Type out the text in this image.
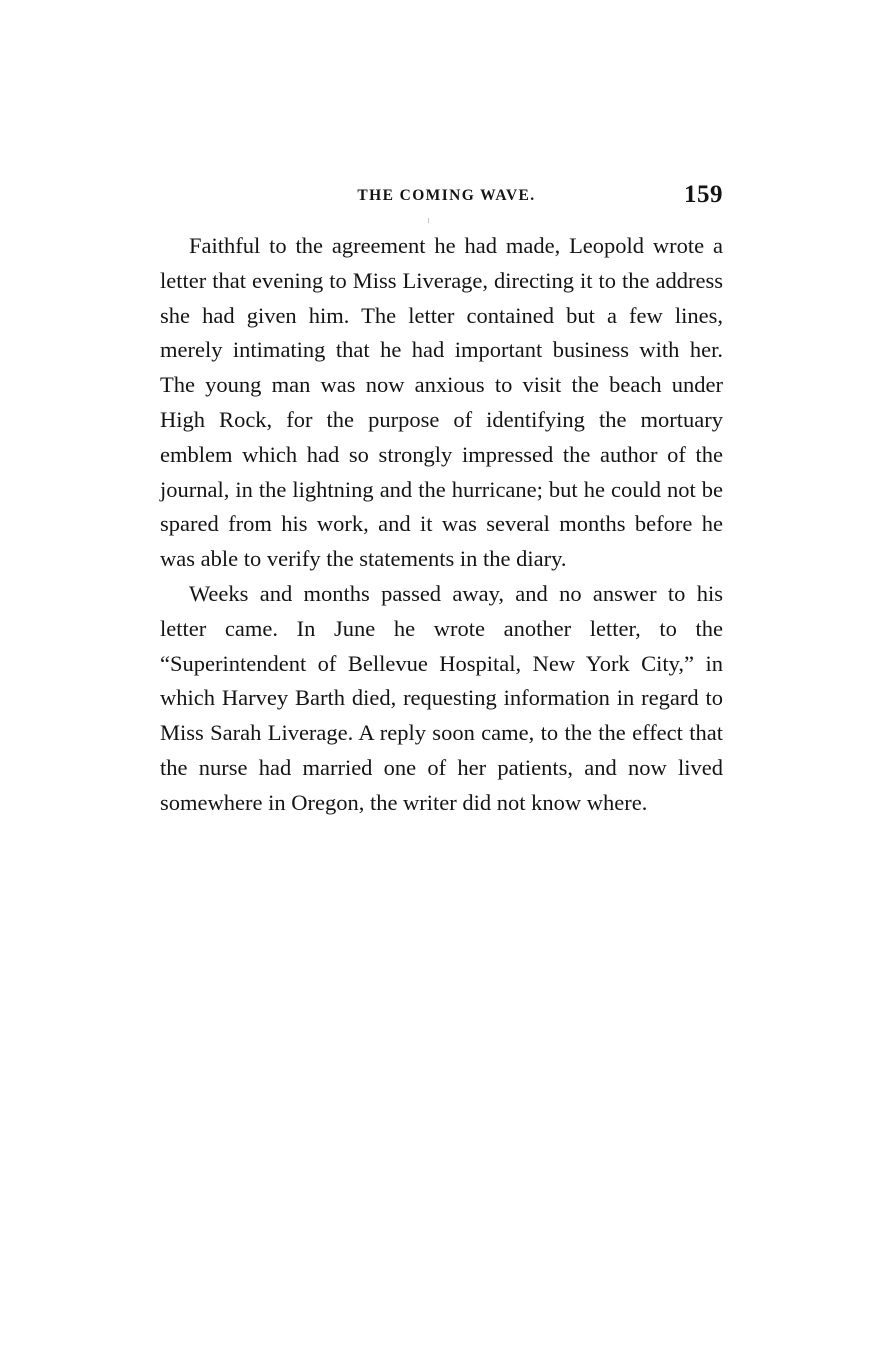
THE COMING WAVE.	159

Faithful to the agreement he had made, Leopold wrote a letter that evening to Miss Liverage, directing it to the address she had given him. The letter contained but a few lines, merely intimating that he had important business with her. The young man was now anxious to visit the beach under High Rock, for the purpose of identifying the mortuary emblem which had so strongly impressed the author of the journal, in the lightning and the hurricane; but he could not be spared from his work, and it was several months before he was able to verify the statements in the diary.

Weeks and months passed away, and no answer to his letter came. In June he wrote another letter, to the “Superintendent of Bellevue Hospital, New York City,” in which Harvey Barth died, requesting information in regard to Miss Sarah Liverage. A reply soon came, to the the effect that the nurse had married one of her patients, and now lived somewhere in Oregon, the writer did not know where.
